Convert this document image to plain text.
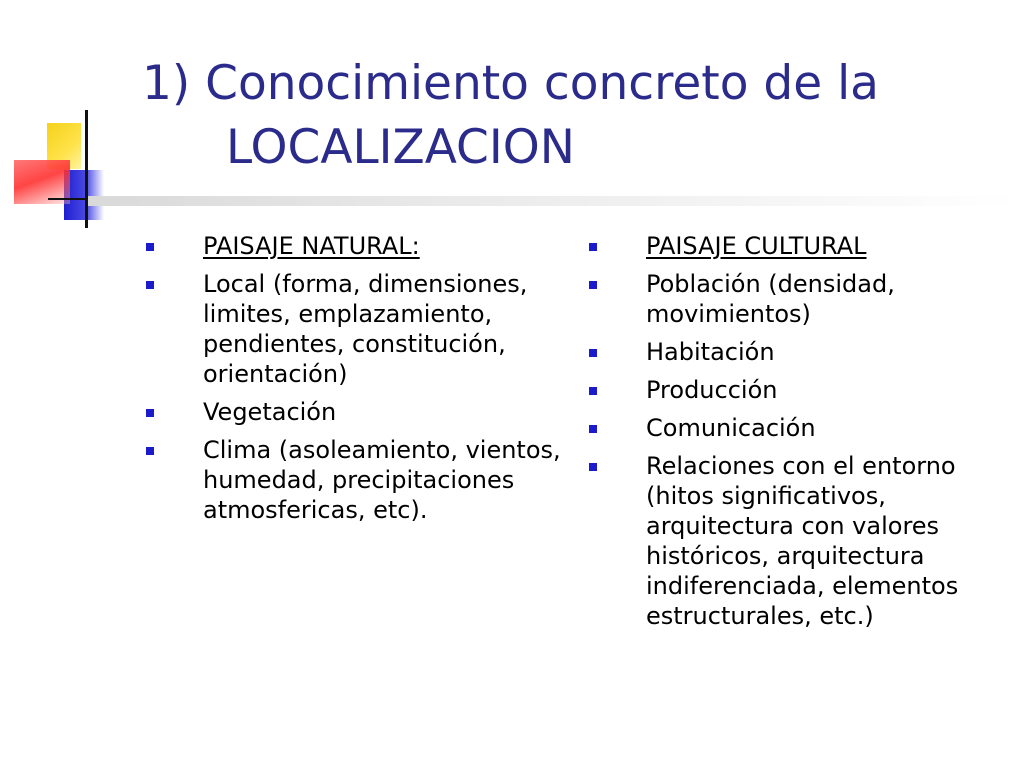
1) Conocimiento concreto de la
LOCALIZACION
PAISAJE NATURAL:
Local (forma, dimensiones, limites, emplazamiento, pendientes, constitución, orientación)
Vegetación
Clima (asoleamiento, vientos, humedad, precipitaciones atmosfericas, etc).
PAISAJE CULTURAL
Población (densidad, movimientos)
Habitación
Producción
Comunicación
Relaciones con el entorno (hitos significativos, arquitectura con valores históricos, arquitectura indiferenciada, elementos estructurales, etc.)
